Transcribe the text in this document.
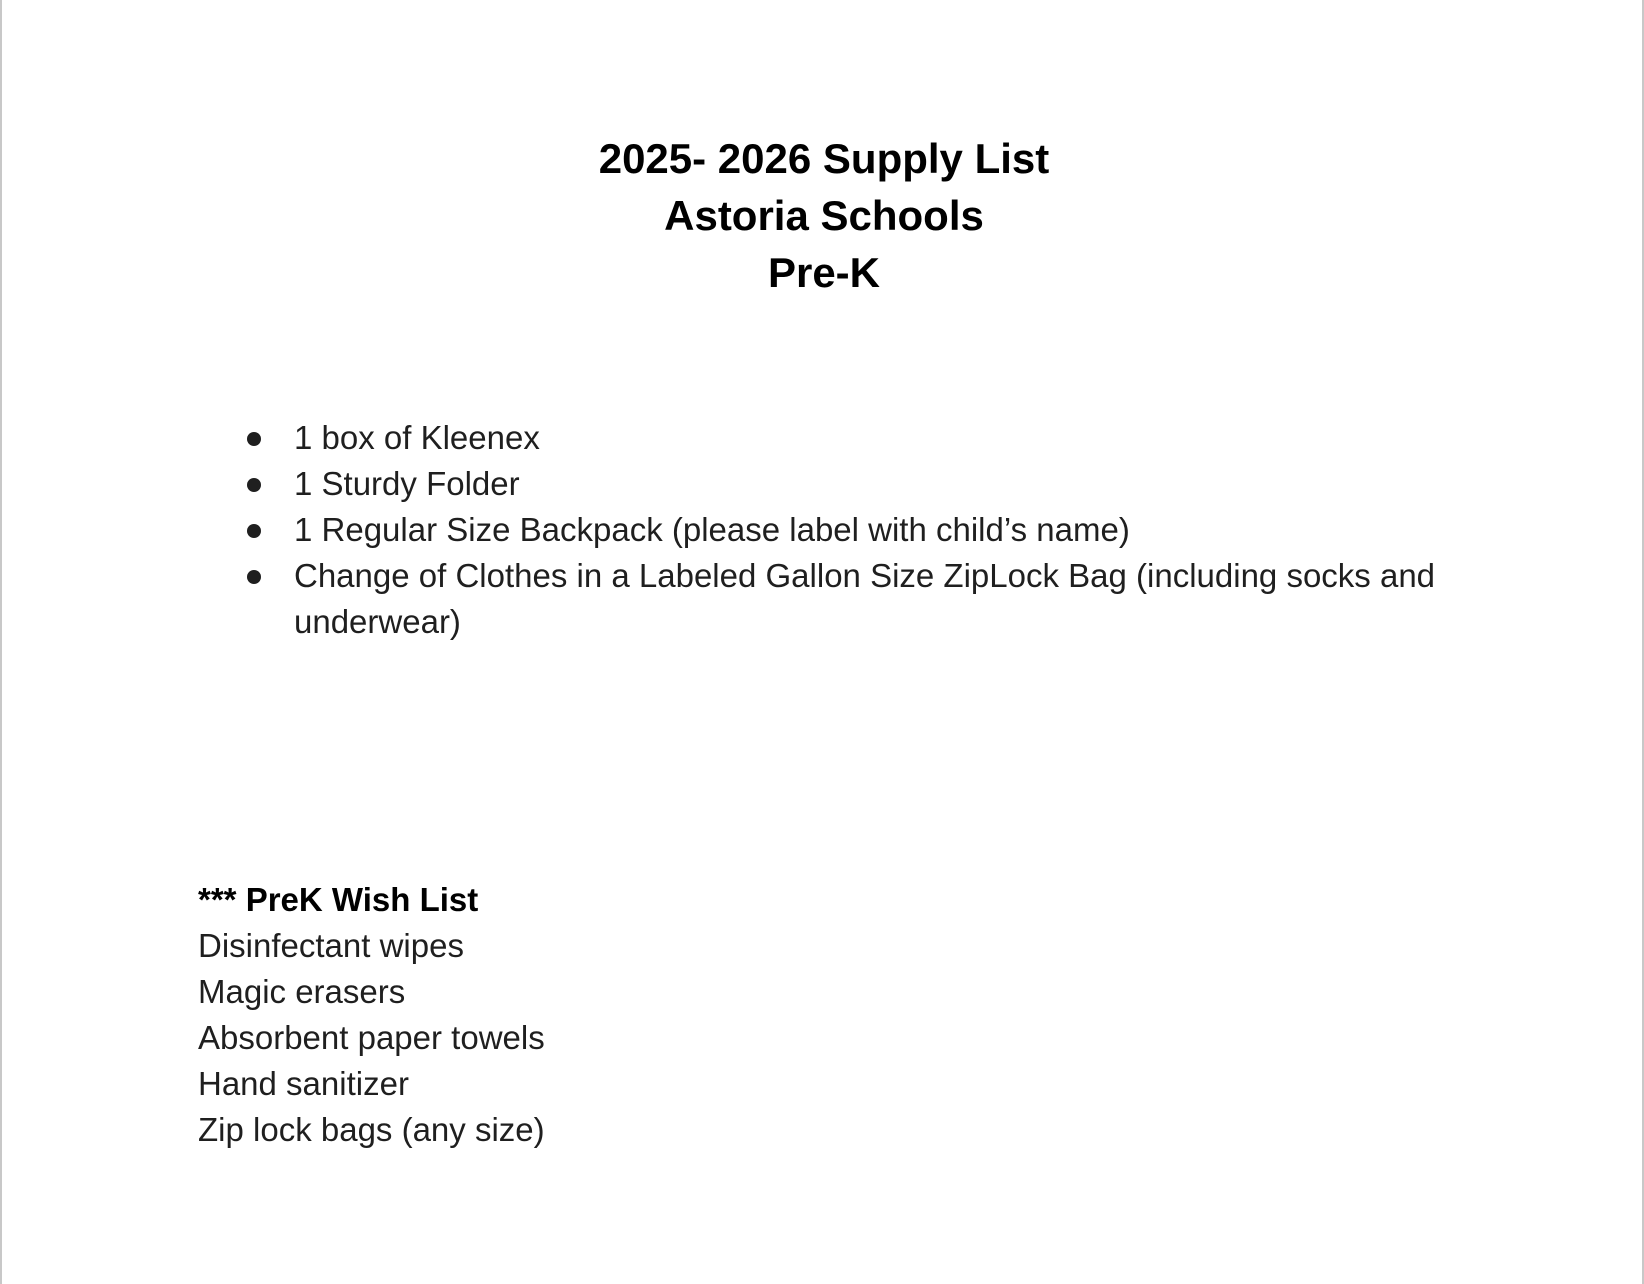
2025- 2026 Supply List
Astoria Schools
Pre-K
1 box of Kleenex
1 Sturdy Folder
1 Regular Size Backpack (please label with child’s name)
Change of Clothes in a Labeled Gallon Size ZipLock Bag (including socks and underwear)
*** PreK Wish List
Disinfectant wipes
Magic erasers
Absorbent paper towels
Hand sanitizer
Zip lock bags (any size)
